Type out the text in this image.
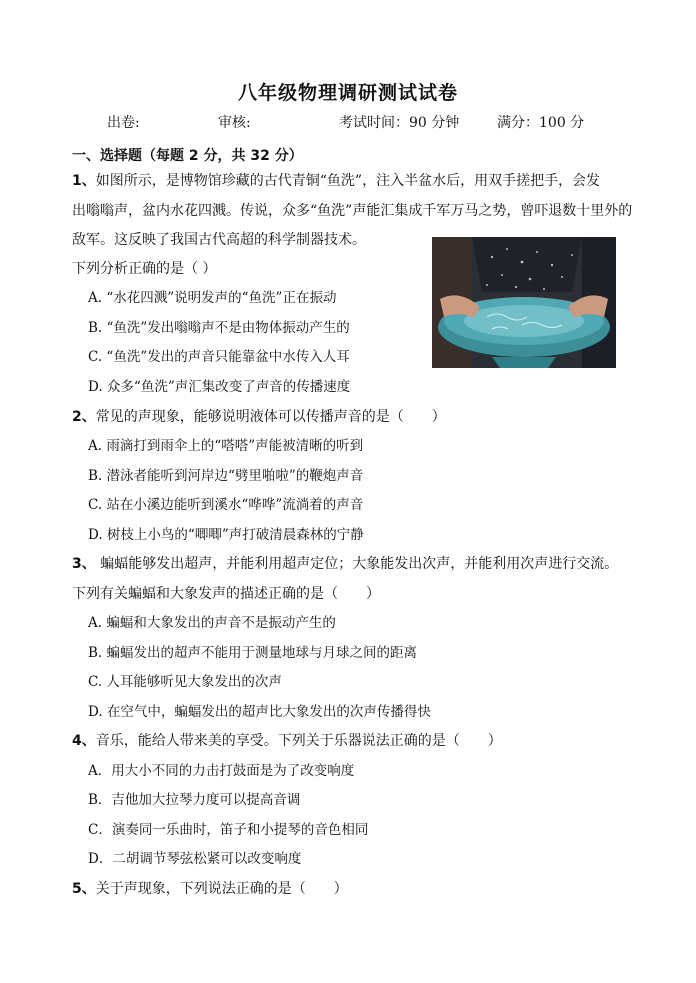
八年级物理调研测试试卷
出卷:	审核:	考试时间：90 分钟	满分：100 分
一、选择题（每题 2 分，共 32 分）
1、如图所示，是博物馆珍藏的古代青铜“鱼洗”，注入半盆水后，用双手搓把手，会发
出嗡嗡声，盆内水花四溅。传说，众多“鱼洗”声能汇集成千军万马之势，曾吓退数十里外的
敌军。这反映了我国古代高超的科学制器技术。
下列分析正确的是（ ）
A. “水花四溅”说明发声的“鱼洗”正在振动
B. “鱼洗”发出嗡嗡声不是由物体振动产生的
C. “鱼洗”发出的声音只能靠盆中水传入人耳
D. 众多“鱼洗”声汇集改变了声音的传播速度
2、常见的声现象，能够说明液体可以传播声音的是（　　）
A. 雨滴打到雨伞上的“嗒嗒”声能被清晰的听到
B. 潜泳者能听到河岸边“劈里啪啦”的鞭炮声音
C. 站在小溪边能听到溪水“哗哗”流淌着的声音
D. 树枝上小鸟的“唧唧”声打破清晨森林的宁静
3、 蝙蝠能够发出超声，并能利用超声定位；大象能发出次声，并能利用次声进行交流。
下列有关蝙蝠和大象发声的描述正确的是（　　）
A. 蝙蝠和大象发出的声音不是振动产生的
B. 蝙蝠发出的超声不能用于测量地球与月球之间的距离
C. 人耳能够听见大象发出的次声
D. 在空气中，蝙蝠发出的超声比大象发出的次声传播得快
4、音乐，能给人带来美的享受。下列关于乐器说法正确的是（　　）
A．用大小不同的力击打鼓面是为了改变响度
B．吉他加大拉琴力度可以提高音调
C．演奏同一乐曲时，笛子和小提琴的音色相同
D．二胡调节琴弦松紧可以改变响度
5、关于声现象，下列说法正确的是（　　）
